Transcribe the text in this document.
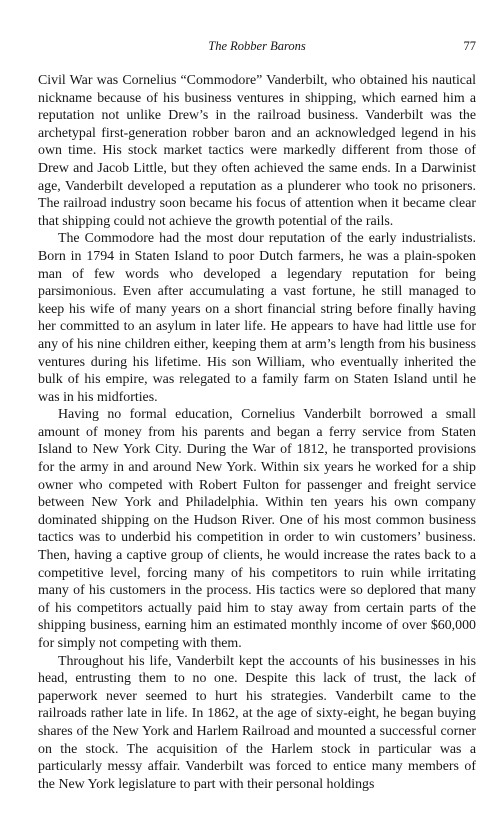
The Robber Barons	77

Civil War was Cornelius “Commodore” Vanderbilt, who obtained his nautical nickname because of his business ventures in shipping, which earned him a reputation not unlike Drew’s in the railroad business. Vanderbilt was the archetypal first-generation robber baron and an acknowledged legend in his own time. His stock market tactics were markedly different from those of Drew and Jacob Little, but they often achieved the same ends. In a Darwinist age, Vanderbilt developed a reputation as a plunderer who took no prisoners. The railroad industry soon became his focus of attention when it became clear that shipping could not achieve the growth potential of the rails.

The Commodore had the most dour reputation of the early industrialists. Born in 1794 in Staten Island to poor Dutch farmers, he was a plain-spoken man of few words who developed a legendary reputation for being parsimonious. Even after accumulating a vast fortune, he still managed to keep his wife of many years on a short financial string before finally having her committed to an asylum in later life. He appears to have had little use for any of his nine children either, keeping them at arm’s length from his business ventures during his lifetime. His son William, who eventually inherited the bulk of his empire, was relegated to a family farm on Staten Island until he was in his midforties.

Having no formal education, Cornelius Vanderbilt borrowed a small amount of money from his parents and began a ferry service from Staten Island to New York City. During the War of 1812, he transported provisions for the army in and around New York. Within six years he worked for a ship owner who competed with Robert Fulton for passenger and freight service between New York and Philadelphia. Within ten years his own company dominated shipping on the Hudson River. One of his most common business tactics was to underbid his competition in order to win customers’ business. Then, having a captive group of clients, he would increase the rates back to a competitive level, forcing many of his competitors to ruin while irritating many of his customers in the process. His tactics were so deplored that many of his competitors actually paid him to stay away from certain parts of the shipping business, earning him an estimated monthly income of over $60,000 for simply not competing with them.

Throughout his life, Vanderbilt kept the accounts of his businesses in his head, entrusting them to no one. Despite this lack of trust, the lack of paperwork never seemed to hurt his strategies. Vanderbilt came to the railroads rather late in life. In 1862, at the age of sixty-eight, he began buying shares of the New York and Harlem Railroad and mounted a successful corner on the stock. The acquisition of the Harlem stock in particular was a particularly messy affair. Vanderbilt was forced to entice many members of the New York legislature to part with their personal holdings
